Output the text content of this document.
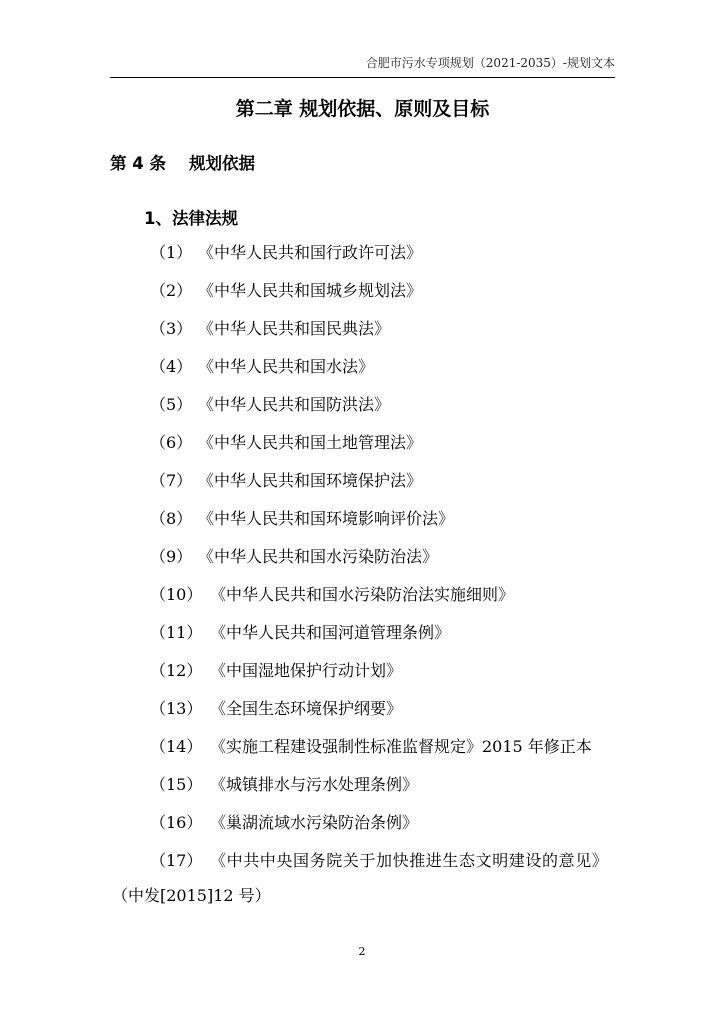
合肥市污水专项规划（2021-2035）-规划文本
第二章 规划依据、原则及目标
第 4 条 规划依据
1、法律法规
（1） 《中华人民共和国行政许可法》
（2） 《中华人民共和国城乡规划法》
（3） 《中华人民共和国民典法》
（4） 《中华人民共和国水法》
（5） 《中华人民共和国防洪法》
（6） 《中华人民共和国土地管理法》
（7） 《中华人民共和国环境保护法》
（8） 《中华人民共和国环境影响评价法》
（9） 《中华人民共和国水污染防治法》
（10） 《中华人民共和国水污染防治法实施细则》
（11） 《中华人民共和国河道管理条例》
（12） 《中国湿地保护行动计划》
（13） 《全国生态环境保护纲要》
（14） 《实施工程建设强制性标准监督规定》2015 年修正本
（15） 《城镇排水与污水处理条例》
（16） 《巢湖流域水污染防治条例》
（17） 《中共中央国务院关于加快推进生态文明建设的意见》
（中发[2015]12 号）
2
